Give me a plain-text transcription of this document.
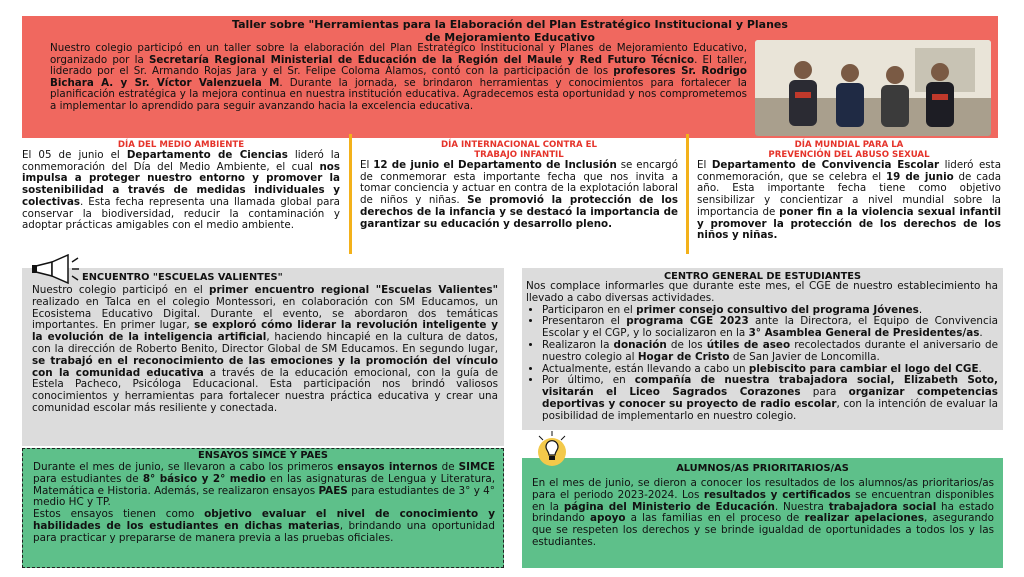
Taller sobre "Herramientas para la Elaboración del Plan Estratégico Institucional y Planes
de Mejoramiento Educativo
Nuestro colegio participó en un taller sobre la elaboración del Plan Estratégico Institucional y Planes de Mejoramiento Educativo, organizado por la Secretaría Regional Ministerial de Educación de la Región del Maule y Red Futuro Técnico. El taller, liderado por el Sr. Armando Rojas Jara y el Sr. Felipe Coloma Álamos, contó con la participación de los profesores Sr. Rodrigo Bichara A. y Sr. Víctor Valenzuela M. Durante la jornada, se brindaron herramientas y conocimientos para fortalecer la planificación estratégica y la mejora continua en nuestra institución educativa. Agradecemos esta oportunidad y nos comprometemos a implementar lo aprendido para seguir avanzando hacia la excelencia educativa.
DÍA DEL MEDIO AMBIENTE
El 05 de junio el Departamento de Ciencias lideró la conmemoración del Día del Medio Ambiente, el cual nos impulsa a proteger nuestro entorno y promover la sostenibilidad a través de medidas individuales y colectivas. Esta fecha representa una llamada global para conservar la biodiversidad, reducir la contaminación y adoptar prácticas amigables con el medio ambiente.
DÍA INTERNACIONAL CONTRA EL
TRABAJO INFANTIL
El 12 de junio el Departamento de Inclusión se encargó de conmemorar esta importante fecha que nos invita a tomar conciencia y actuar en contra de la explotación laboral de niños y niñas. Se promovió la protección de los derechos de la infancia y se destacó la importancia de garantizar su educación y desarrollo pleno.
DÍA MUNDIAL PARA LA
PREVENCIÓN DEL ABUSO SEXUAL
El Departamento de Convivencia Escolar lideró esta conmemoración, que se celebra el 19 de junio de cada año. Esta importante fecha tiene como objetivo sensibilizar y concientizar a nivel mundial sobre la importancia de poner fin a la violencia sexual infantil y promover la protección de los derechos de los niños y niñas.
ENCUENTRO "ESCUELAS VALIENTES"
Nuestro colegio participó en el primer encuentro regional "Escuelas Valientes" realizado en Talca en el colegio Montessori, en colaboración con SM Educamos, un Ecosistema Educativo Digital. Durante el evento, se abordaron dos temáticas importantes. En primer lugar, se exploró cómo liderar la revolución inteligente y la evolución de la inteligencia artificial, haciendo hincapié en la cultura de datos, con la dirección de Roberto Benito, Director Global de SM Educamos. En segundo lugar, se trabajó en el reconocimiento de las emociones y la promoción del vínculo con la comunidad educativa a través de la educación emocional, con la guía de Estela Pacheco, Psicóloga Educacional. Esta participación nos brindó valiosos conocimientos y herramientas para fortalecer nuestra práctica educativa y crear una comunidad escolar más resiliente y conectada.
CENTRO GENERAL DE ESTUDIANTES
Nos complace informarles que durante este mes, el CGE de nuestro establecimiento ha llevado a cabo diversas actividades.
• Participaron en el primer consejo consultivo del programa Jóvenes.
• Presentaron el programa CGE 2023 ante la Directora, el Equipo de Convivencia Escolar y el CGP, y lo socializaron en la 3° Asamblea General de Presidentes/as.
• Realizaron la donación de los útiles de aseo recolectados durante el aniversario de nuestro colegio al Hogar de Cristo de San Javier de Loncomilla.
• Actualmente, están llevando a cabo un plebiscito para cambiar el logo del CGE.
• Por último, en compañía de nuestra trabajadora social, Elizabeth Soto, visitarán el Liceo Sagrados Corazones para organizar competencias deportivas y conocer su proyecto de radio escolar, con la intención de evaluar la posibilidad de implementarlo en nuestro colegio.
ENSAYOS SIMCE Y PAES
Durante el mes de junio, se llevaron a cabo los primeros ensayos internos de SIMCE para estudiantes de 8° básico y 2° medio en las asignaturas de Lengua y Literatura, Matemática e Historia. Además, se realizaron ensayos PAES para estudiantes de 3° y 4° medio HC y TP.
Estos ensayos tienen como objetivo evaluar el nivel de conocimiento y habilidades de los estudiantes en dichas materias, brindando una oportunidad para practicar y prepararse de manera previa a las pruebas oficiales.
ALUMNOS/AS PRIORITARIOS/AS
En el mes de junio, se dieron a conocer los resultados de los alumnos/as prioritarios/as para el periodo 2023-2024. Los resultados y certificados se encuentran disponibles en la página del Ministerio de Educación. Nuestra trabajadora social ha estado brindando apoyo a las familias en el proceso de realizar apelaciones, asegurando que se respeten los derechos y se brinde igualdad de oportunidades a todos los y las estudiantes.
